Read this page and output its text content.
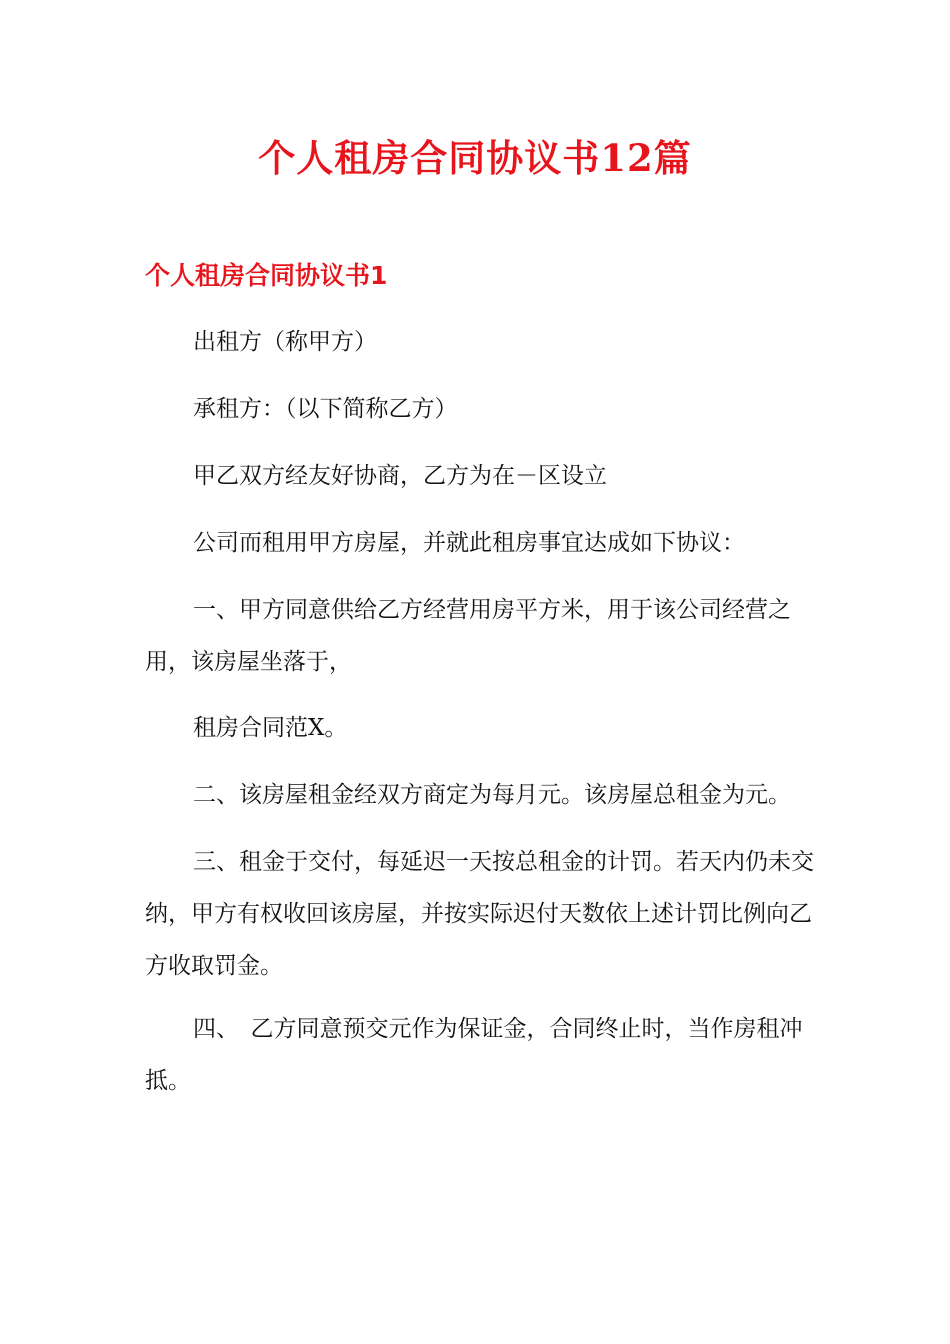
个人租房合同协议书12篇
个人租房合同协议书1

出租方（称甲方）

承租方：（以下简称乙方）

甲乙双方经友好协商，乙方为在－区设立

公司而租用甲方房屋，并就此租房事宜达成如下协议：

一、甲方同意供给乙方经营用房平方米，用于该公司经营之用，该房屋坐落于，

租房合同范X。

二、该房屋租金经双方商定为每月元。该房屋总租金为元。

三、租金于交付，每延迟一天按总租金的计罚。若天内仍未交纳，甲方有权收回该房屋，并按实际迟付天数依上述计罚比例向乙方收取罚金。

四、　乙方同意预交元作为保证金，合同终止时，当作房租冲 抵。
